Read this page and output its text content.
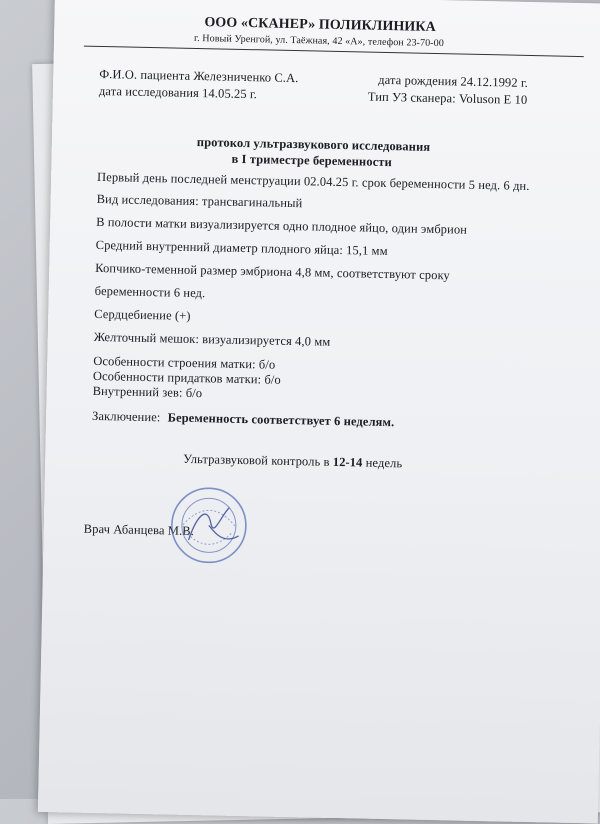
ООО «СКАНЕР» ПОЛИКЛИНИКА
г. Новый Уренгой, ул. Таёжная, 42 «А», телефон 23-70-00
Ф.И.О. пациента Железниченко С.А.	дата рождения 24.12.1992 г.
дата исследования 14.05.25 г.	Тип УЗ сканера: Voluson E 10
протокол ультразвукового исследования
в I триместре беременности
Первый день последней менструации 02.04.25 г. срок беременности 5 нед. 6 дн.
Вид исследования: трансвагинальный
В полости матки визуализируется одно плодное яйцо, один эмбрион
Средний внутренний диаметр плодного яйца: 15,1 мм
Копчико-теменной размер эмбриона 4,8 мм, соответствуют сроку
беременности 6 нед.
Сердцебиение (+)
Желточный мешок: визуализируется 4,0 мм
Особенности строения матки: б/о
Особенности придатков матки: б/о
Внутренний зев: б/о
Заключение: Беременность соответствует 6 неделям.
Ультразвуковой контроль в 12-14 недель
Врач Абанцева М.В.
